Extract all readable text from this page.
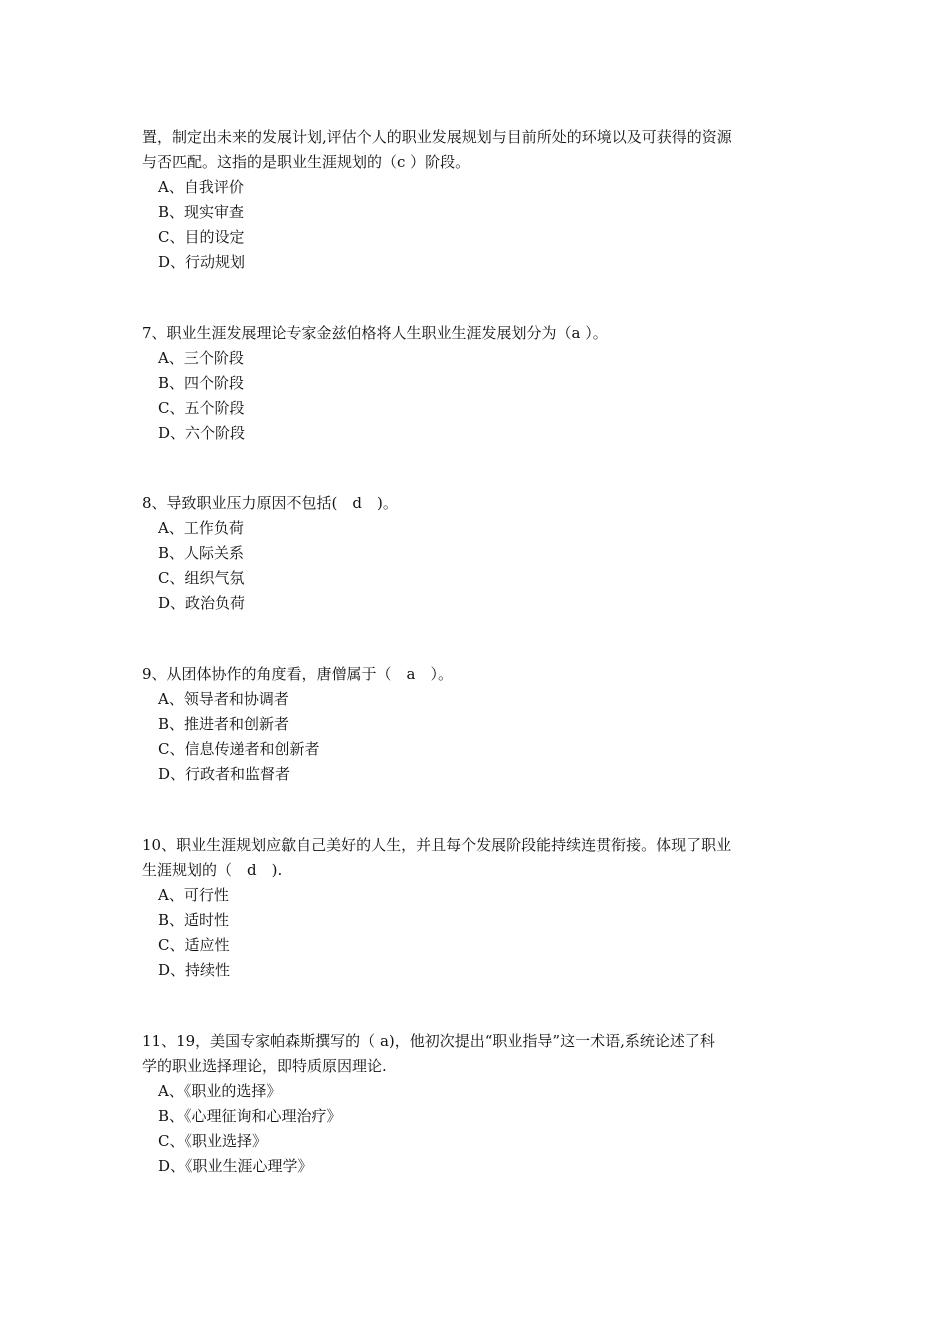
置，制定出未来的发展计划,评估个人的职业发展规划与目前所处的环境以及可获得的资源
与否匹配。这指的是职业生涯规划的（c ）阶段。
A、自我评价
B、现实审查
C、目的设定
D、行动规划
7、职业生涯发展理论专家金兹伯格将人生职业生涯发展划分为（a ）。
A、三个阶段
B、四个阶段
C、五个阶段
D、六个阶段
8、导致职业压力原因不包括(　d　)。
A、工作负荷
B、人际关系
C、组织气氛
D、政治负荷
9、从团体协作的角度看，唐僧属于（　a　）。
A、领导者和协调者
B、推进者和创新者
C、信息传递者和创新者
D、行政者和监督者
10、职业生涯规划应歙自己美好的人生，并且每个发展阶段能持续连贯衔接。体现了职业
生涯规划的（　d　).
A、可行性
B、适时性
C、适应性
D、持续性
11、19，美国专家帕森斯撰写的（ a)，他初次提出“职业指导”这一术语,系统论述了科
学的职业选择理论，即特质原因理论.
A、《职业的选择》
B、《心理征询和心理治疗》
C、《职业选择》
D、《职业生涯心理学》
